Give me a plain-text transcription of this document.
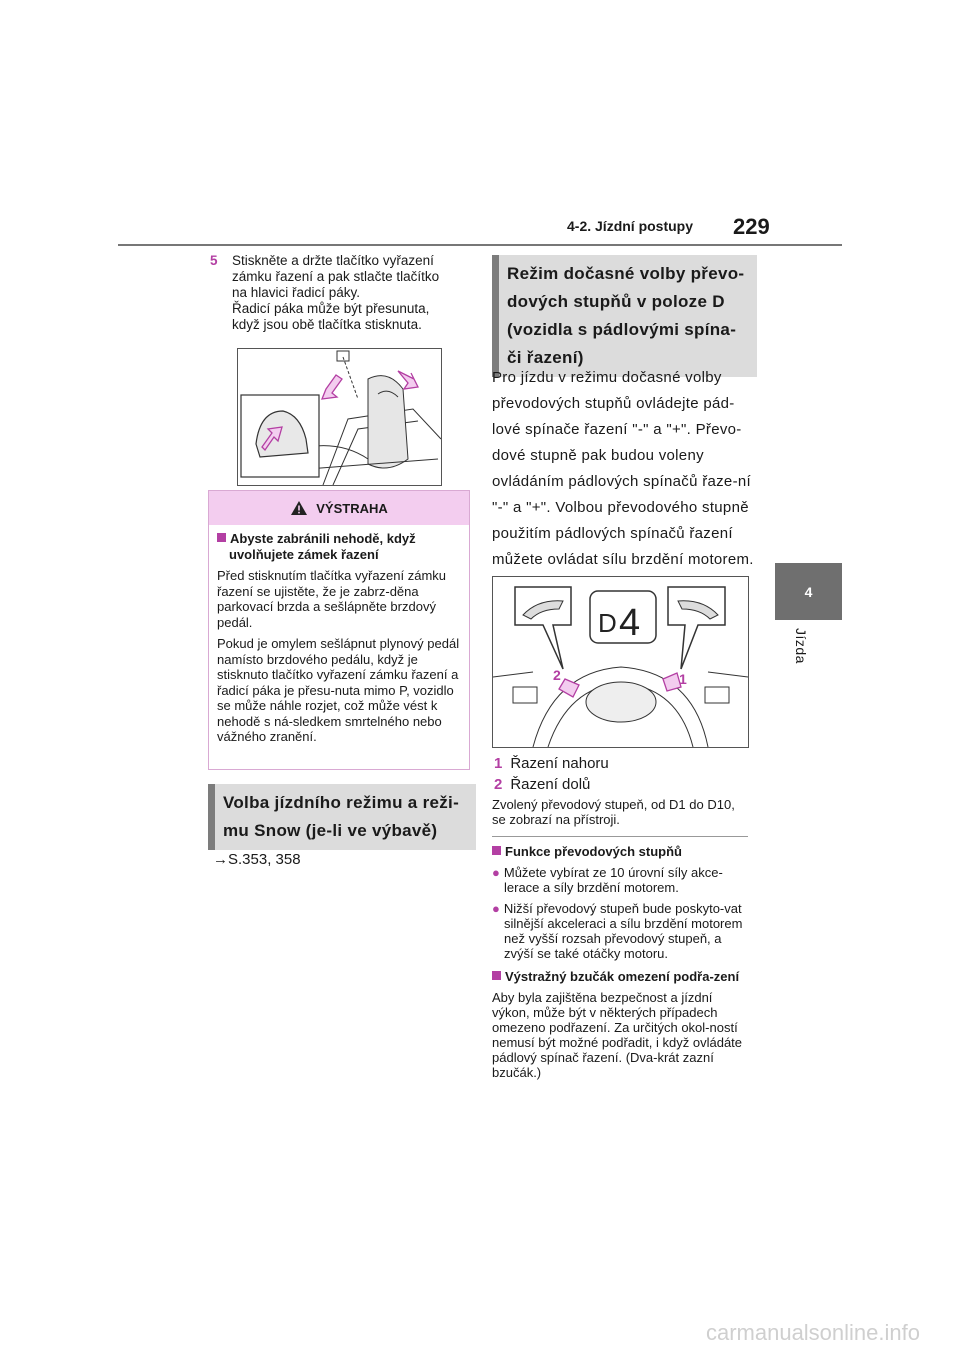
4-2. Jízdní postupy 229
4
Jízda
5 Stiskněte a držte tlačítko vyřazení
zámku řazení a pak stlačte tlačítko
na hlavici řadicí páky.
Řadicí páka může být přesunuta,
když jsou obě tlačítka stisknuta.
VÝSTRAHA

Abyste zabránili nehodě, když uvolňujete zámek řazení

Před stisknutím tlačítka vyřazení zámku řazení se ujistěte, že je zabrz-děna parkovací brzda a sešlápněte brzdový pedál.

Pokud je omylem sešlápnut plynový pedál namísto brzdového pedálu, když je stisknuto tlačítko vyřazení zámku řazení a řadicí páka je přesu-nuta mimo P, vozidlo se může náhle rozjet, což může vést k nehodě s ná-sledkem smrtelného nebo vážného zranění.

Volba jízdního režimu a reži-mu Snow (je-li ve výbavě)
→S.353, 358
Režim dočasné volby převo-dových stupňů v poloze D (vozidla s pádlovými spína-či řazení)
Pro jízdu v režimu dočasné volby převodových stupňů ovládejte pád-lové spínače řazení "-" a "+". Převo-dové stupně pak budou voleny ovládáním pádlových spínačů řaze-ní "-" a "+". Volbou převodového stupně použitím pádlových spínačů řazení můžete ovládat sílu brzdění motorem.
D 4
2	1
1 Řazení nahoru
2 Řazení dolů
Zvolený převodový stupeň, od D1 do D10, se zobrazí na přístroji.
Funkce převodových stupňů
● Můžete vybírat ze 10 úrovní síly akce-lerace a síly brzdění motorem.
● Nižší převodový stupeň bude poskyto-vat silnější akceleraci a sílu brzdění motorem než vyšší rozsah převodový stupeň, a zvýší se také otáčky motoru.
Výstražný bzučák omezení podřa-zení
Aby byla zajištěna bezpečnost a jízdní výkon, může být v některých případech omezeno podřazení. Za určitých okol-ností nemusí být možné podřadit, i když ovládáte pádlový spínač řazení. (Dva-krát zazní bzučák.)
carmanualsonline.info
